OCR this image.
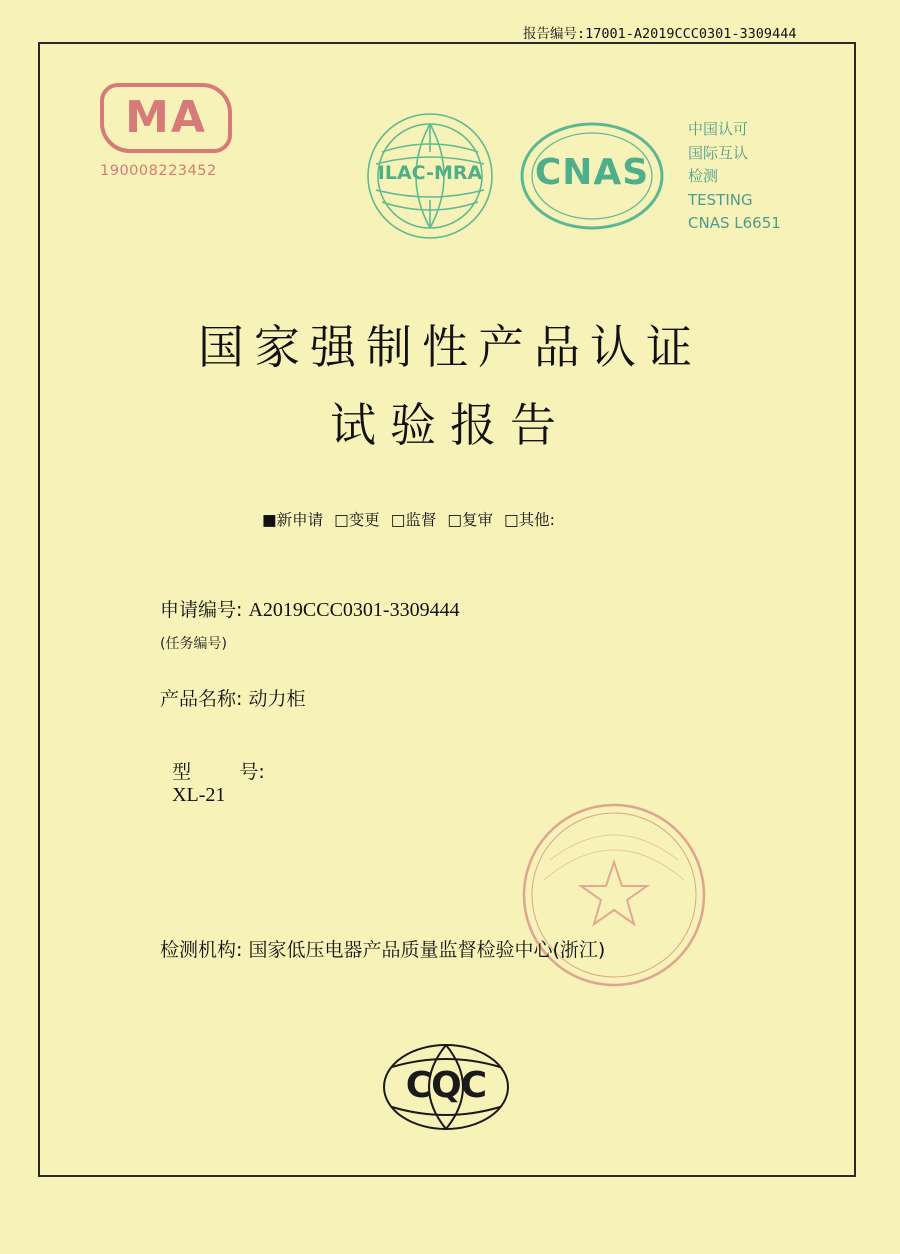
报告编号:17001-A2019CCC0301-3309444
MA
190008223452	ILAC-MRA	CNAS
中国认可
国际互认
检测
TESTING
CNAS L6651
国家强制性产品认证
试验报告
■新申请 □变更 □监督 □复审 □其他:
申请编号: A2019CCC0301-3309444
(任务编号)
产品名称: 动力柜

型        号:
XL-21

检测机构: 国家低压电器产品质量监督检验中心(浙江)
CQC
